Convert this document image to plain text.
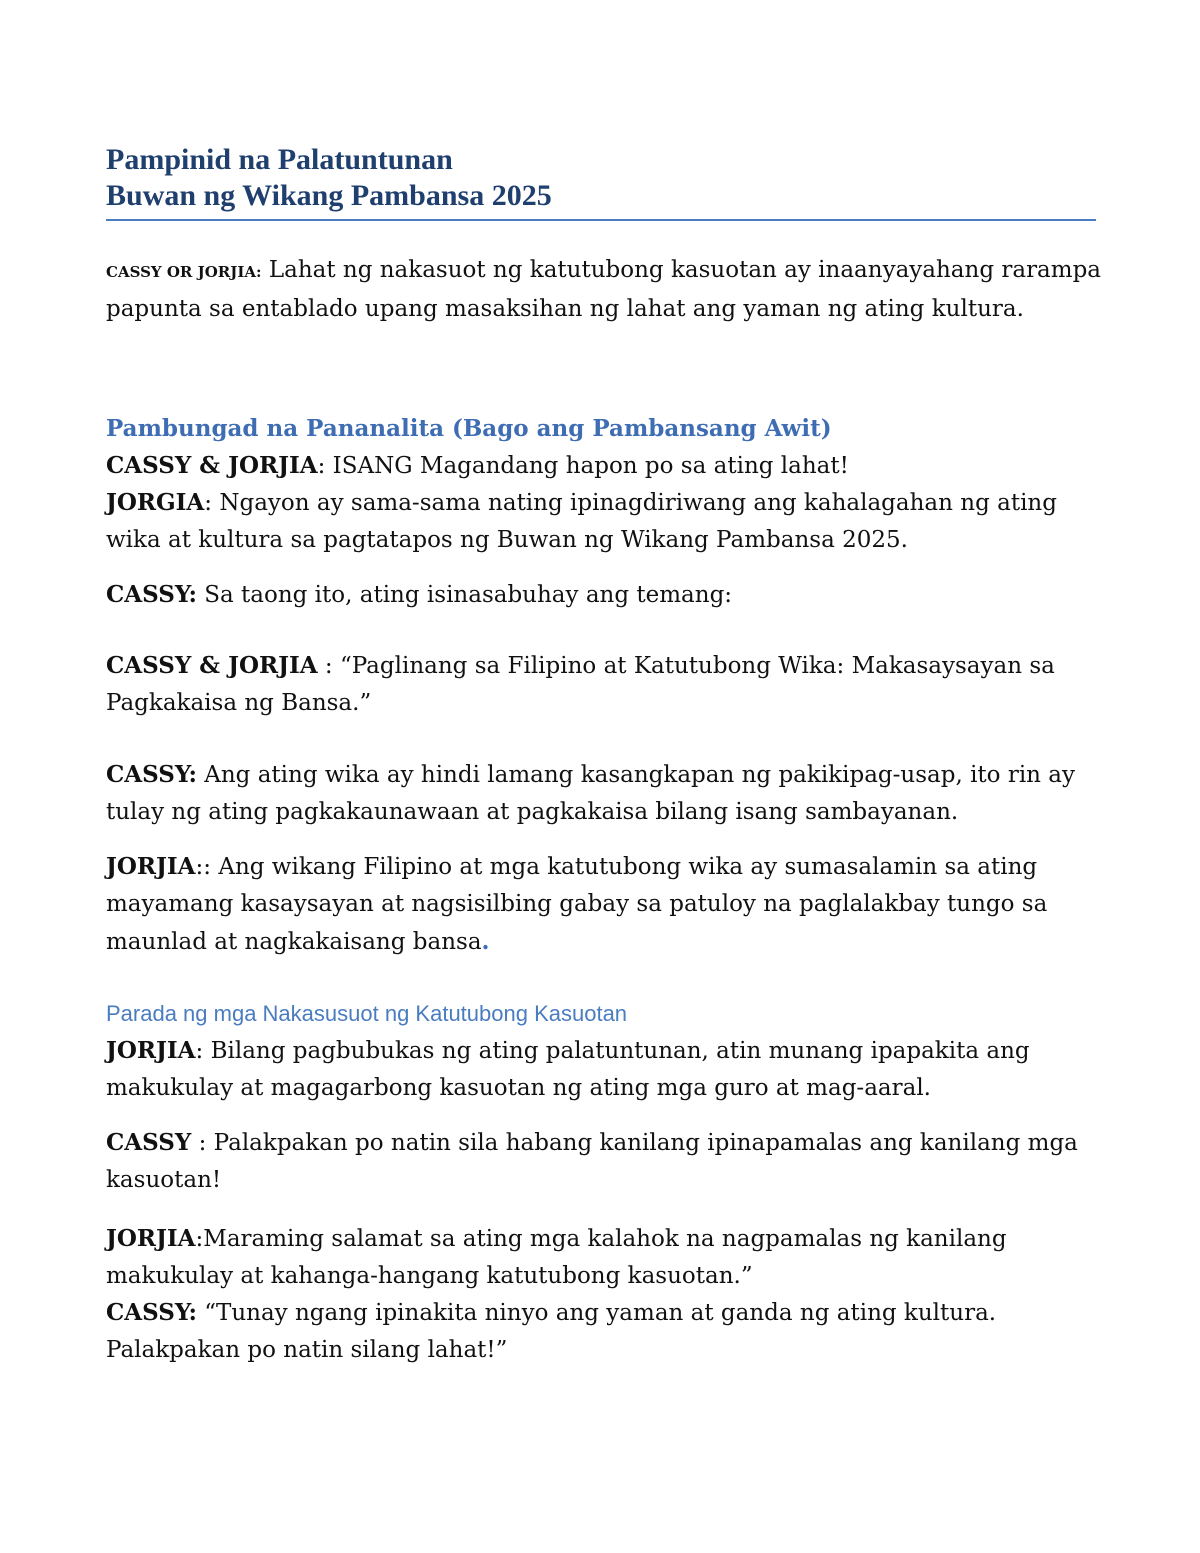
Pampinid na Palatuntunan
Buwan ng Wikang Pambansa 2025

CASSY OR JORJIA: Lahat ng nakasuot ng katutubong kasuotan ay inaanyayahang rarampa papunta sa entablado upang masaksihan ng lahat ang yaman ng ating kultura.

Pambungad na Pananalita (Bago ang Pambansang Awit)

CASSY & JORJIA: ISANG Magandang hapon po sa ating lahat!

JORGIA: Ngayon ay sama-sama nating ipinagdiriwang ang kahalagahan ng ating wika at kultura sa pagtatapos ng Buwan ng Wikang Pambansa 2025.

CASSY: Sa taong ito, ating isinasabuhay ang temang:

CASSY & JORJIA : “Paglinang sa Filipino at Katutubong Wika: Makasaysayan sa Pagkakaisa ng Bansa.”

CASSY: Ang ating wika ay hindi lamang kasangkapan ng pakikipag-usap, ito rin ay tulay ng ating pagkakaunawaan at pagkakaisa bilang isang sambayanan.

JORJIA:: Ang wikang Filipino at mga katutubong wika ay sumasalamin sa ating mayamang kasaysayan at nagsisilbing gabay sa patuloy na paglalakbay tungo sa maunlad at nagkakaisang bansa.

Parada ng mga Nakasusuot ng Katutubong Kasuotan

JORJIA: Bilang pagbubukas ng ating palatuntunan, atin munang ipapakita ang makukulay at magagarbong kasuotan ng ating mga guro at mag-aaral.

CASSY : Palakpakan po natin sila habang kanilang ipinapamalas ang kanilang mga kasuotan!

JORJIA:Maraming salamat sa ating mga kalahok na nagpamalas ng kanilang makukulay at kahanga-hangang katutubong kasuotan.”

CASSY: “Tunay ngang ipinakita ninyo ang yaman at ganda ng ating kultura. Palakpakan po natin silang lahat!”
